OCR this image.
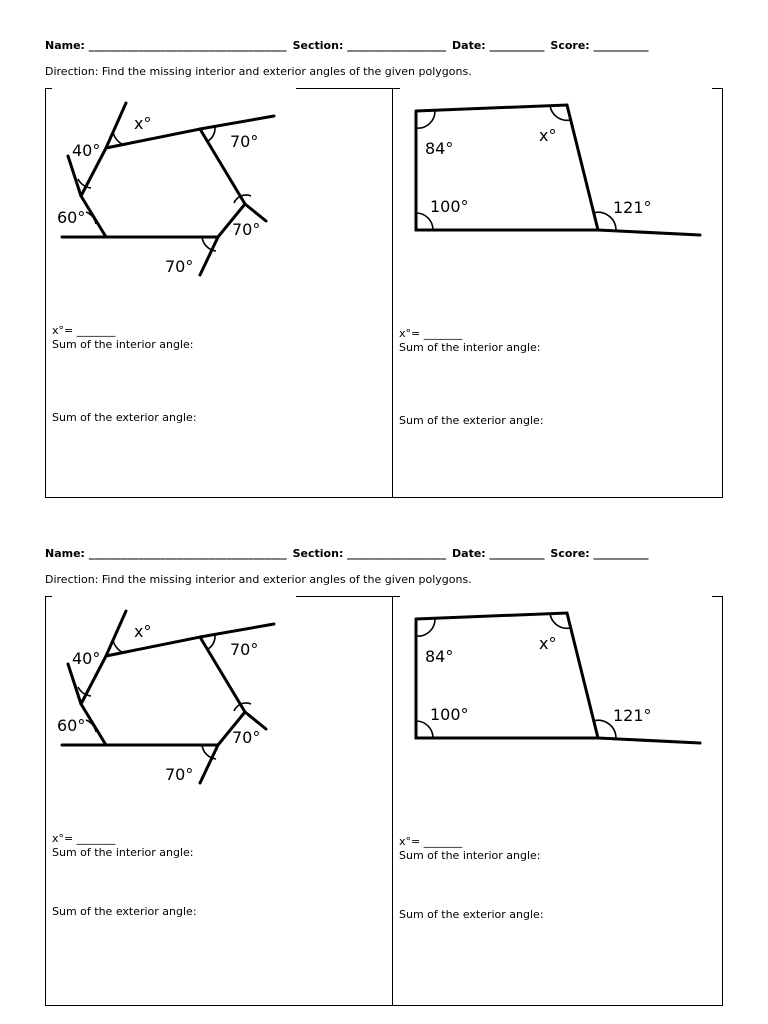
Name: ____________________________________ Section: __________________ Date: __________ Score: __________
Direction: Find the missing interior and exterior angles of the given polygons.
x°
40°	70°
60°
70°
70°
84°
x°
100°	121°
x°= _______
Sum of the interior angle:
Sum of the exterior angle:
x°= _______
Sum of the interior angle:
Sum of the exterior angle:
Name: ____________________________________ Section: __________________ Date: __________ Score: __________
Direction: Find the missing interior and exterior angles of the given polygons.
x°
40°	70°
60°
70°
70°
84°
x°
100°	121°
x°= _______
Sum of the interior angle:
Sum of the exterior angle:
x°= _______
Sum of the interior angle:
Sum of the exterior angle:
